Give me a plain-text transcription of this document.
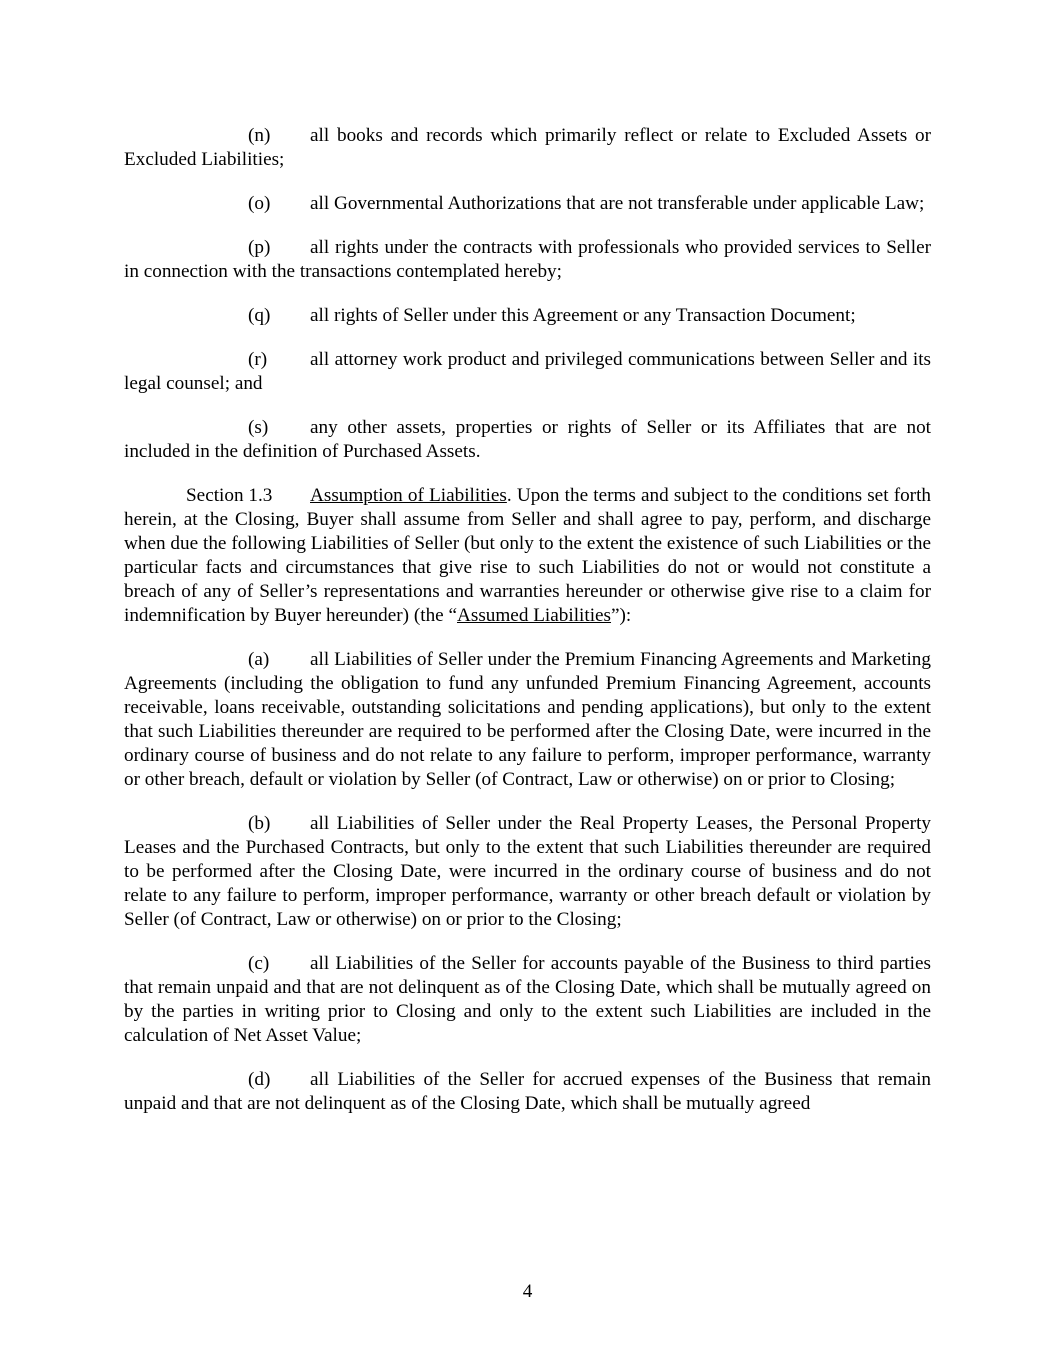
(n) all books and records which primarily reflect or relate to Excluded Assets or Excluded Liabilities;

(o) all Governmental Authorizations that are not transferable under applicable Law;

(p) all rights under the contracts with professionals who provided services to Seller in connection with the transactions contemplated hereby;

(q) all rights of Seller under this Agreement or any Transaction Document;

(r) all attorney work product and privileged communications between Seller and its legal counsel; and

(s) any other assets, properties or rights of Seller or its Affiliates that are not included in the definition of Purchased Assets.

Section 1.3 Assumption of Liabilities. Upon the terms and subject to the conditions set forth herein, at the Closing, Buyer shall assume from Seller and shall agree to pay, perform, and discharge when due the following Liabilities of Seller (but only to the extent the existence of such Liabilities or the particular facts and circumstances that give rise to such Liabilities do not or would not constitute a breach of any of Seller’s representations and warranties hereunder or otherwise give rise to a claim for indemnification by Buyer hereunder) (the “Assumed Liabilities”):

(a) all Liabilities of Seller under the Premium Financing Agreements and Marketing Agreements (including the obligation to fund any unfunded Premium Financing Agreement, accounts receivable, loans receivable, outstanding solicitations and pending applications), but only to the extent that such Liabilities thereunder are required to be performed after the Closing Date, were incurred in the ordinary course of business and do not relate to any failure to perform, improper performance, warranty or other breach, default or violation by Seller (of Contract, Law or otherwise) on or prior to Closing;

(b) all Liabilities of Seller under the Real Property Leases, the Personal Property Leases and the Purchased Contracts, but only to the extent that such Liabilities thereunder are required to be performed after the Closing Date, were incurred in the ordinary course of business and do not relate to any failure to perform, improper performance, warranty or other breach default or violation by Seller (of Contract, Law or otherwise) on or prior to the Closing;

(c) all Liabilities of the Seller for accounts payable of the Business to third parties that remain unpaid and that are not delinquent as of the Closing Date, which shall be mutually agreed on by the parties in writing prior to Closing and only to the extent such Liabilities are included in the calculation of Net Asset Value;

(d) all Liabilities of the Seller for accrued expenses of the Business that remain unpaid and that are not delinquent as of the Closing Date, which shall be mutually agreed

4
